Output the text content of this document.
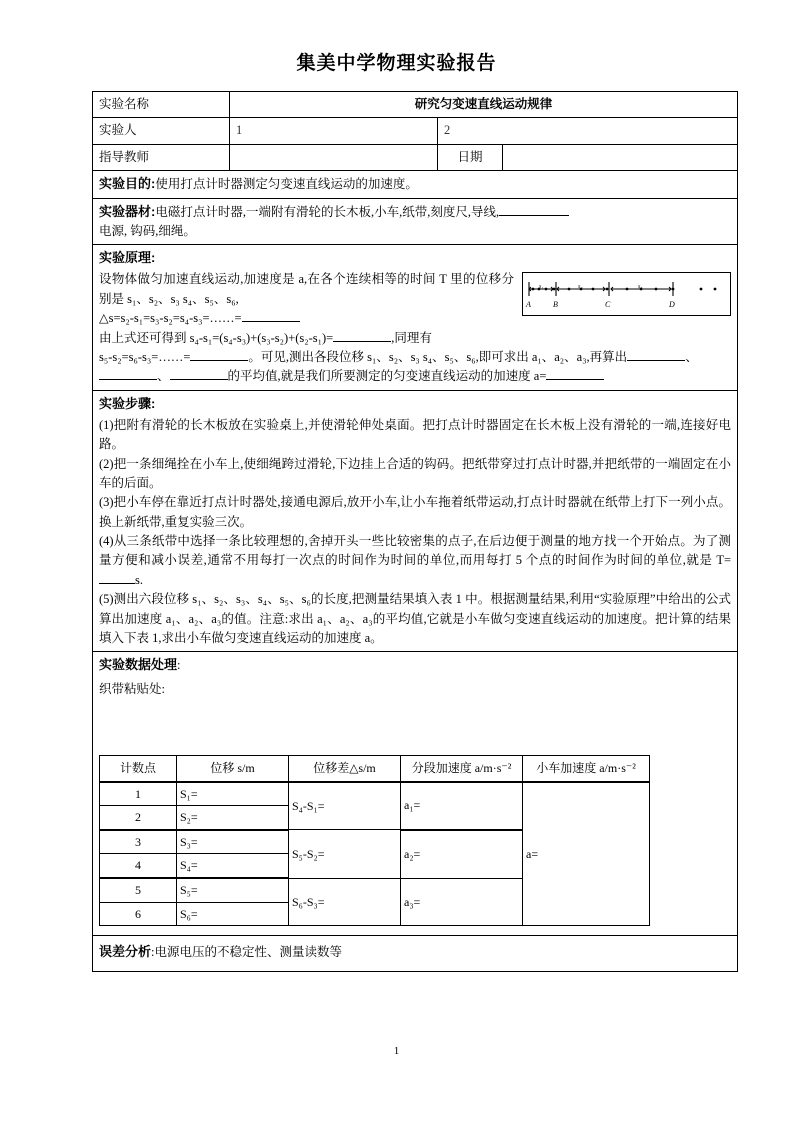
集美中学物理实验报告
实验名称	研究匀变速直线运动规律
实验人	1	2
指导教师		日期	
实验目的:使用打点计时器测定匀变速直线运动的加速度。
实验器材:电磁打点计时器,一端附有滑轮的长木板,小车,纸带,刻度尺,导线,
电源, 钩码,细绳。

实验原理:
s₁	s₂	s₃
A	B	C	D

设物体做匀加速直线运动,加速度是 a,在各个连续相等的时间 T 里的位移分别是 s₁、s₂、s₃ s₄、s₅、s₆,

△s=s₂-s₁=s₃-s₂=s₄-s₃=……=

由上式还可得到 s₄-s₁=(s₄-s₃)+(s₃-s₂)+(s₂-s₁)=	,同理有

s₅-s₂=s₆-s₃=……=	。可见,测出各段位移 s₁、s₂、s₃ s₄、s₅、s₆,即可求出 a₁、a₂、a₃,再算出	、

、	的平均值,就是我们所要测定的匀变速直线运动的加速度 a=

实验步骤:

(1)把附有滑轮的长木板放在实验桌上,并使滑轮伸处桌面。把打点计时器固定在长木板上没有滑轮的一端,连接好电路。

(2)把一条细绳拴在小车上,使细绳跨过滑轮,下边挂上合适的钩码。把纸带穿过打点计时器,并把纸带的一端固定在小车的后面。

(3)把小车停在靠近打点计时器处,接通电源后,放开小车,让小车拖着纸带运动,打点计时器就在纸带上打下一列小点。换上新纸带,重复实验三次。

(4)从三条纸带中选择一条比较理想的,舍掉开头一些比较密集的点子,在后边便于测量的地方找一个开始点。为了测量方便和减小误差,通常不用每打一次点的时间作为时间的单位,而用每打 5 个点的时间作为时间的单位,就是 T=s.

(5)测出六段位移 s₁、s₂、s₃、s₄、s₅、s₆的长度,把测量结果填入表 1 中。根据测量结果,利用“实验原理”中给出的公式算出加速度 a₁、a₂、a₃的值。注意:求出 a₁、a₂、a₃的平均值,它就是小车做匀变速直线运动的加速度。把计算的结果填入下表 1,求出小车做匀变速直线运动的加速度 a。

实验数据处理:
织带粘贴处:
计数点	位移 s/m	位移差△s/m	分段加速度 a/m·s⁻²	小车加速度 a/m·s⁻²
1	S₁=	S₄-S₁=	a₁=	a=
2	S₂=
3	S₃=	S₅-S₂=	a₂=
4	S₄=
5	S₅=	S₆-S₃=	a₃=
6	S₆=

误差分析:电源电压的不稳定性、测量读数等
1
